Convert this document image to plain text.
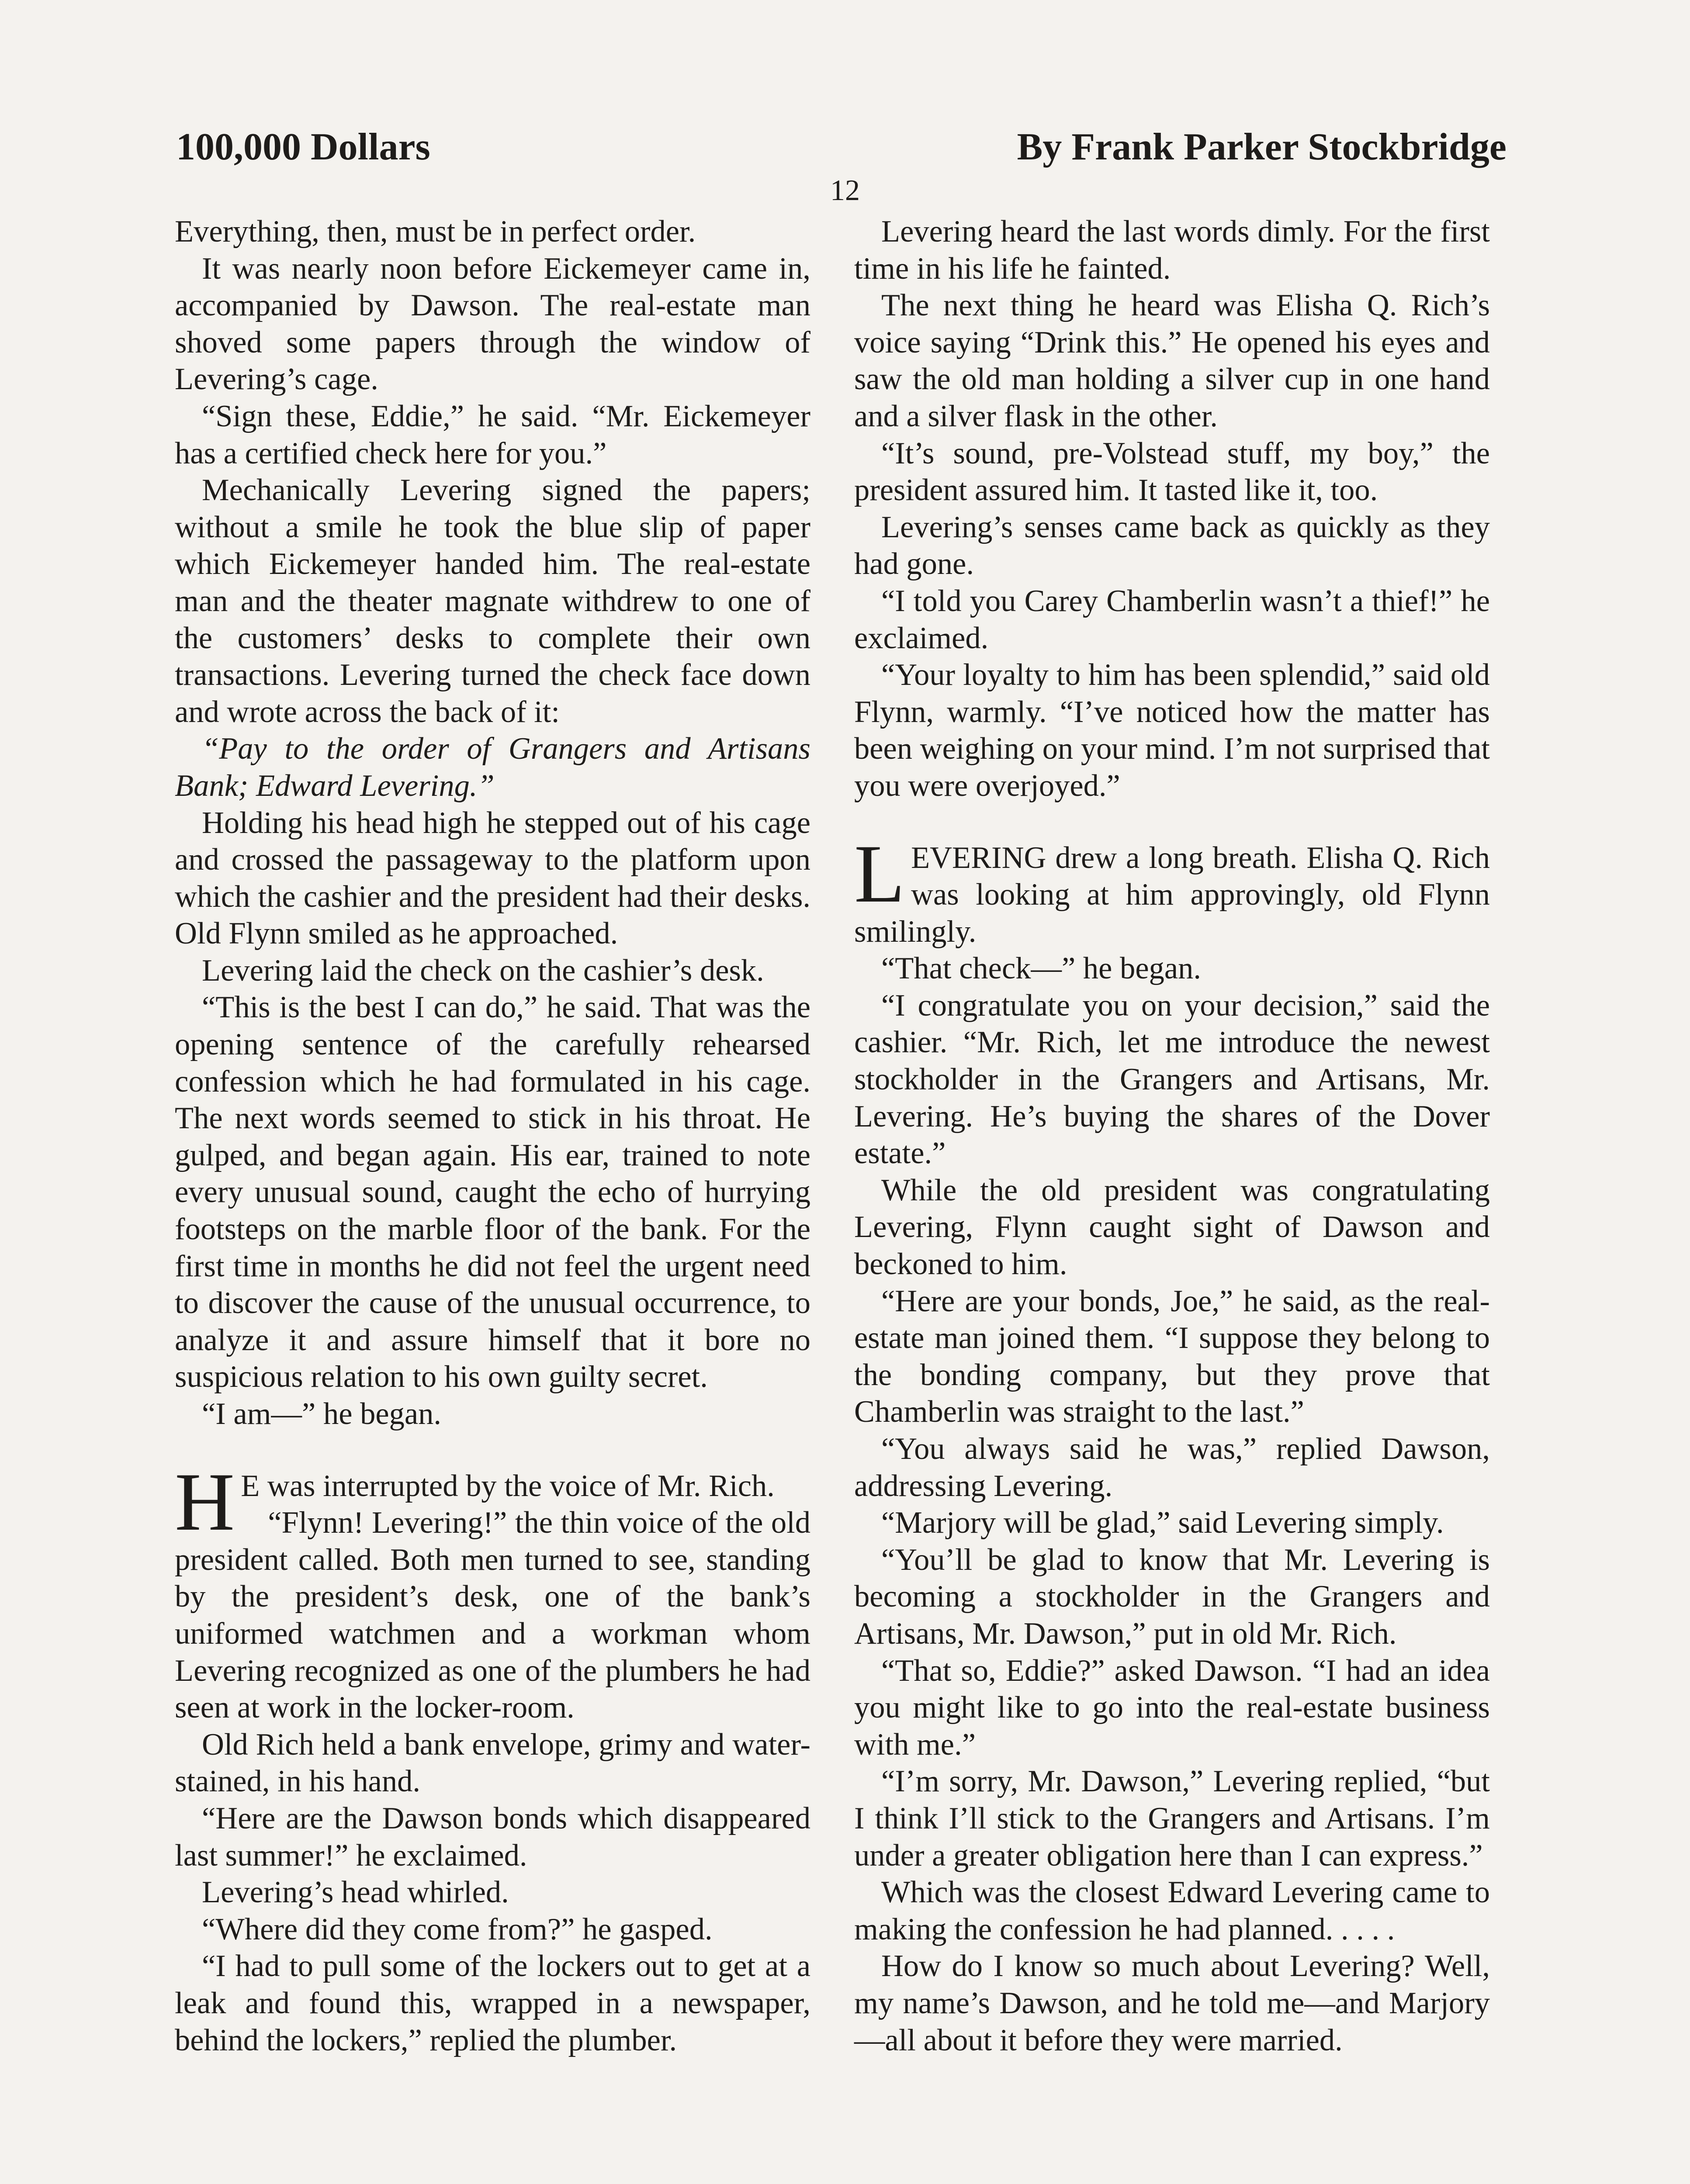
100,000 Dollars	By Frank Parker Stockbridge
12

Everything, then, must be in perfect order.

It was nearly noon before Eickemeyer came in, accompanied by Dawson. The real-estate man shoved some papers through the window of Levering’s cage.

“Sign these, Eddie,” he said. “Mr. Eickemeyer has a certified check here for you.”

Mechanically Levering signed the papers; without a smile he took the blue slip of paper which Eickemeyer handed him. The real-estate man and the theater magnate withdrew to one of the customers’ desks to complete their own transactions. Levering turned the check face down and wrote across the back of it:

“Pay to the order of Grangers and Artisans Bank; Edward Levering.”

Holding his head high he stepped out of his cage and crossed the passageway to the platform upon which the cashier and the president had their desks. Old Flynn smiled as he approached.

Levering laid the check on the cashier’s desk.

“This is the best I can do,” he said. That was the opening sentence of the carefully rehearsed confession which he had formulated in his cage. The next words seemed to stick in his throat. He gulped, and began again. His ear, trained to note every unusual sound, caught the echo of hurrying footsteps on the marble floor of the bank. For the first time in months he did not feel the urgent need to discover the cause of the unusual occurrence, to analyze it and assure himself that it bore no suspicious relation to his own guilty secret.

“I am—” he began.

H E was interrupted by the voice of Mr. Rich.

“Flynn! Levering!” the thin voice of the old president called. Both men turned to see, standing by the president’s desk, one of the bank’s uniformed watchmen and a workman whom Levering recognized as one of the plumbers he had seen at work in the locker-room.

Old Rich held a bank envelope, grimy and water-stained, in his hand.

“Here are the Dawson bonds which disappeared last summer!” he exclaimed.

Levering’s head whirled.

“Where did they come from?” he gasped.

“I had to pull some of the lockers out to get at a leak and found this, wrapped in a newspaper, behind the lockers,” replied the plumber.

Levering heard the last words dimly. For the first time in his life he fainted.

The next thing he heard was Elisha Q. Rich’s voice saying “Drink this.” He opened his eyes and saw the old man holding a silver cup in one hand and a silver flask in the other.

“It’s sound, pre-Volstead stuff, my boy,” the president assured him. It tasted like it, too.

Levering’s senses came back as quickly as they had gone.

“I told you Carey Chamberlin wasn’t a thief!” he exclaimed.

“Your loyalty to him has been splendid,” said old Flynn, warmly. “I’ve noticed how the matter has been weighing on your mind. I’m not surprised that you were overjoyed.”

LEVERING drew a long breath. Elisha Q. Rich was looking at him approvingly, old Flynn smilingly.

“That check—” he began.

“I congratulate you on your decision,” said the cashier. “Mr. Rich, let me introduce the newest stockholder in the Grangers and Artisans, Mr. Levering. He’s buying the shares of the Dover estate.”

While the old president was congratulating Levering, Flynn caught sight of Dawson and beckoned to him.

“Here are your bonds, Joe,” he said, as the real-estate man joined them. “I suppose they belong to the bonding company, but they prove that Chamberlin was straight to the last.”

“You always said he was,” replied Dawson, addressing Levering.

“Marjory will be glad,” said Levering simply.

“You’ll be glad to know that Mr. Levering is becoming a stockholder in the Grangers and Artisans, Mr. Dawson,” put in old Mr. Rich.

“That so, Eddie?” asked Dawson. “I had an idea you might like to go into the real-estate business with me.”

“I’m sorry, Mr. Dawson,” Levering replied, “but I think I’ll stick to the Grangers and Artisans. I’m under a greater obligation here than I can express.”

Which was the closest Edward Levering came to making the confession he had planned. . . . .

How do I know so much about Levering? Well, my name’s Dawson, and he told me—and Marjory—all about it before they were married.
